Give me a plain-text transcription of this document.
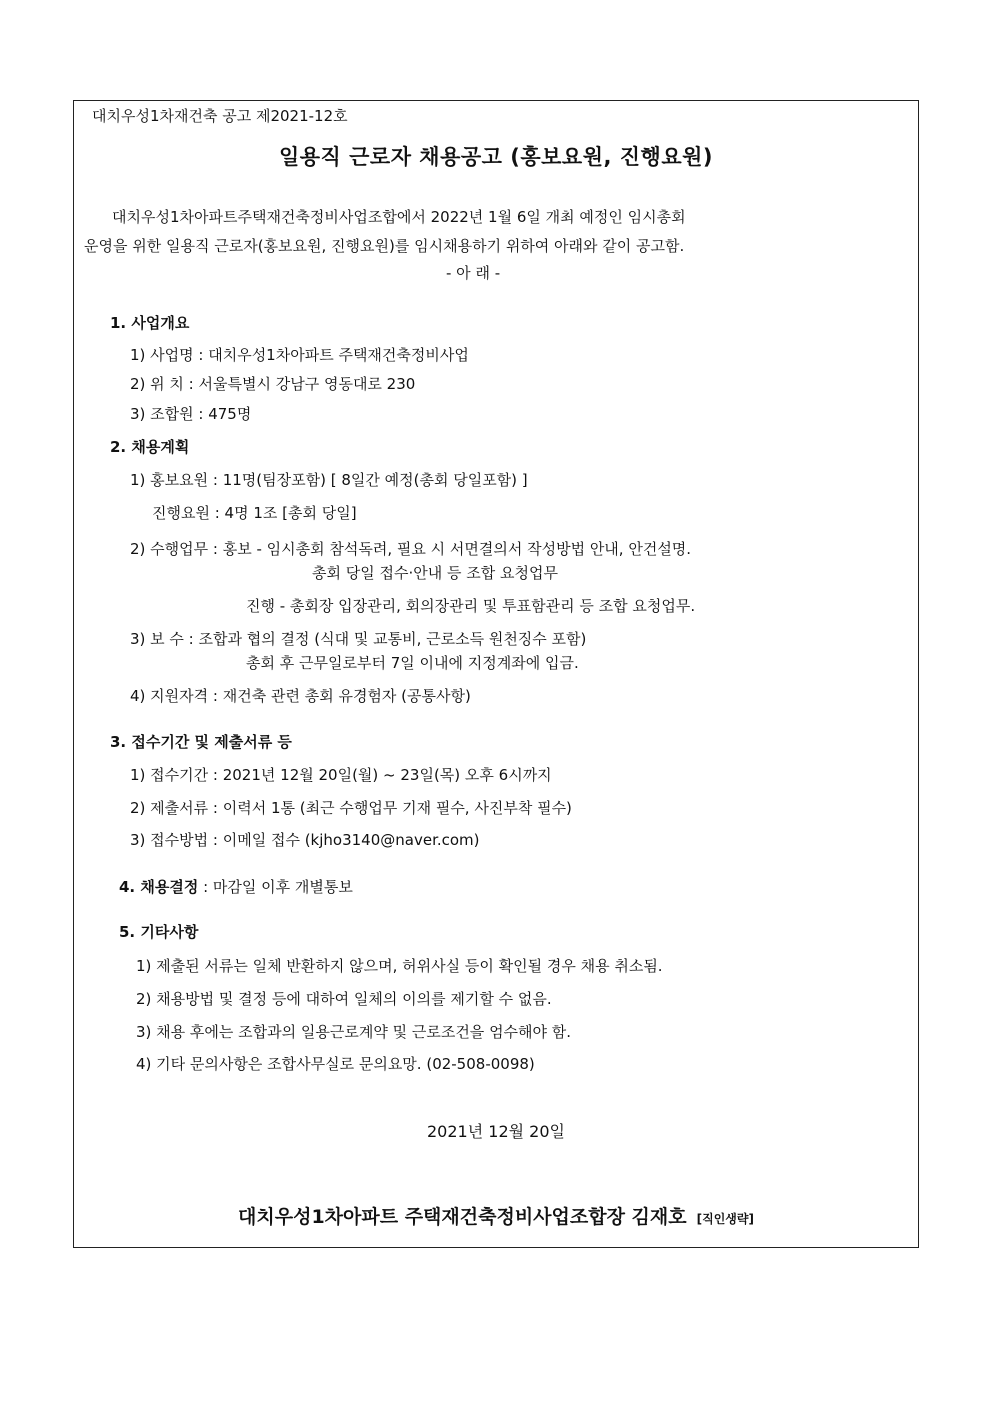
대치우성1차재건축 공고 제2021-12호
일용직 근로자 채용공고 (홍보요원, 진행요원)
대치우성1차아파트주택재건축정비사업조합에서 2022년 1월 6일 개최 예정인 임시총회
운영을 위한 일용직 근로자(홍보요원, 진행요원)를 임시채용하기 위하여 아래와 같이 공고함.
- 아 래 -
1. 사업개요
1) 사업명 : 대치우성1차아파트 주택재건축정비사업
2) 위 치 : 서울특별시 강남구 영동대로 230
3) 조합원 : 475명
2. 채용계획
1) 홍보요원 : 11명(팀장포함) [ 8일간 예정(총회 당일포함) ]
진행요원 : 4명 1조 [총회 당일]
2) 수행업무 : 홍보 - 임시총회 참석독려, 필요 시 서면결의서 작성방법 안내, 안건설명.
총회 당일 접수·안내 등 조합 요청업무
진행 - 총회장 입장관리, 회의장관리 및 투표함관리 등 조합 요청업무.
3) 보 수 : 조합과 협의 결정 (식대 및 교통비, 근로소득 원천징수 포함)
총회 후 근무일로부터 7일 이내에 지정계좌에 입금.
4) 지원자격 : 재건축 관련 총회 유경험자 (공통사항)
3. 접수기간 및 제출서류 등
1) 접수기간 : 2021년 12월 20일(월) ~ 23일(목) 오후 6시까지
2) 제출서류 : 이력서 1통 (최근 수행업무 기재 필수, 사진부착 필수)
3) 접수방법 : 이메일 접수 (kjho3140@naver.com)
4. 채용결정 : 마감일 이후 개별통보
5. 기타사항
1) 제출된 서류는 일체 반환하지 않으며, 허위사실 등이 확인될 경우 채용 취소됨.
2) 채용방법 및 결정 등에 대하여 일체의 이의를 제기할 수 없음.
3) 채용 후에는 조합과의 일용근로계약 및 근로조건을 엄수해야 함.
4) 기타 문의사항은 조합사무실로 문의요망. (02-508-0098)
2021년 12월 20일
대치우성1차아파트 주택재건축정비사업조합장 김재호 [직인생략]
